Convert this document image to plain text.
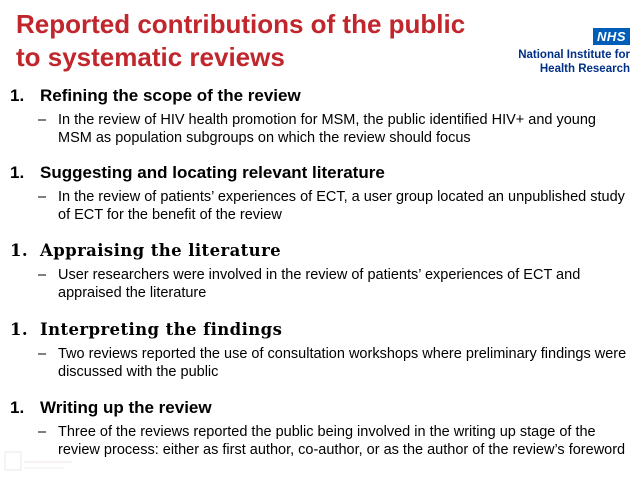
Reported contributions of the public to systematic reviews
NHS
National Institute for
Health Research
1. Refining the scope of the review
– In the review of HIV health promotion for MSM, the public identified HIV+ and young MSM as population subgroups on which the review should focus
1. Suggesting and locating relevant literature
– In the review of patients’ experiences of ECT, a user group located an unpublished study of ECT for the benefit of the review
1. Appraising the literature
– User researchers were involved in the review of patients’ experiences of ECT and appraised the literature
1. Interpreting the findings
– Two reviews reported the use of consultation workshops where preliminary findings were discussed with the public
1. Writing up the review
– Three of the reviews reported the public being involved in the writing up stage of the review process: either as first author, co-author, or as the author of the review’s foreword
